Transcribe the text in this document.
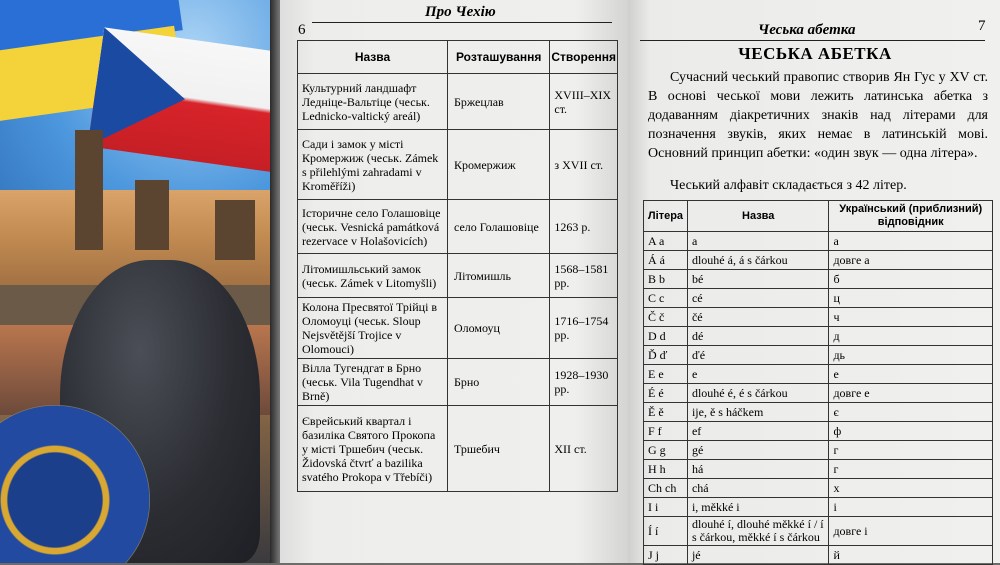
Про Чехію
6
Назва	Розташування	Створення
Культурний ландшафт Ледніце-Вальтіце (чеськ. Lednicko-valtický areál)	Бржецлав	XVIII–XIX ст.
Сади і замок у місті Кромержиж (чеськ. Zámek s přilehlými zahradami v Kroměříži)	Кромержиж	з XVII ст.
Історичне село Голашовіце (чеськ. Vesnická památková rezervace v Holašovicích)	село Голашовіце	1263 р.
Літомишльський замок (чеськ. Zámek v Litomyšli)	Літомишль	1568–1581 рр.
Колона Пресвятої Трійці в Оломоуці (чеськ. Sloup Nejsvětější Trojice v Olomouci)	Оломоуц	1716–1754 рр.
Вілла Тугендгат в Брно (чеськ. Vila Tugendhat v Brně)	Брно	1928–1930 рр.
Єврейський квартал і базиліка Святого Прокопа у місті Тршебич (чеськ. Židovská čtvrť a bazilika svatého Prokopa v Třebíči)	Тршебич	XII ст.
Чеська абетка	7
ЧЕСЬКА АБЕТКА
Сучасний чеський правопис створив Ян Гус у XV ст. В основі чеської мови лежить латинська абетка з додаванням діакретичних знаків над літерами для позначення звуків, яких немає в латинській мові. Основний принцип абетки: «один звук — одна літера».
Чеський алфавіт складається з 42 літер.
Літера	Назва	Український (приблизний) відповідник
A a	a	а
Á á	dlouhé á, á s čárkou	довге а
B b	bé	б
C c	cé	ц
Č č	čé	ч
D d	dé	д
Ď ď	ďé	дь
E e	e	е
É é	dlouhé é, é s čárkou	довге е
Ě ě	ije, ě s háčkem	є
F f	ef	ф
G g	gé	г
H h	há	г
Ch ch	chá	х
I i	i, měkké i	і
Í í	dlouhé í, dlouhé měkké í / í s čárkou, měkké í s čárkou	довге і
J j	jé	й
